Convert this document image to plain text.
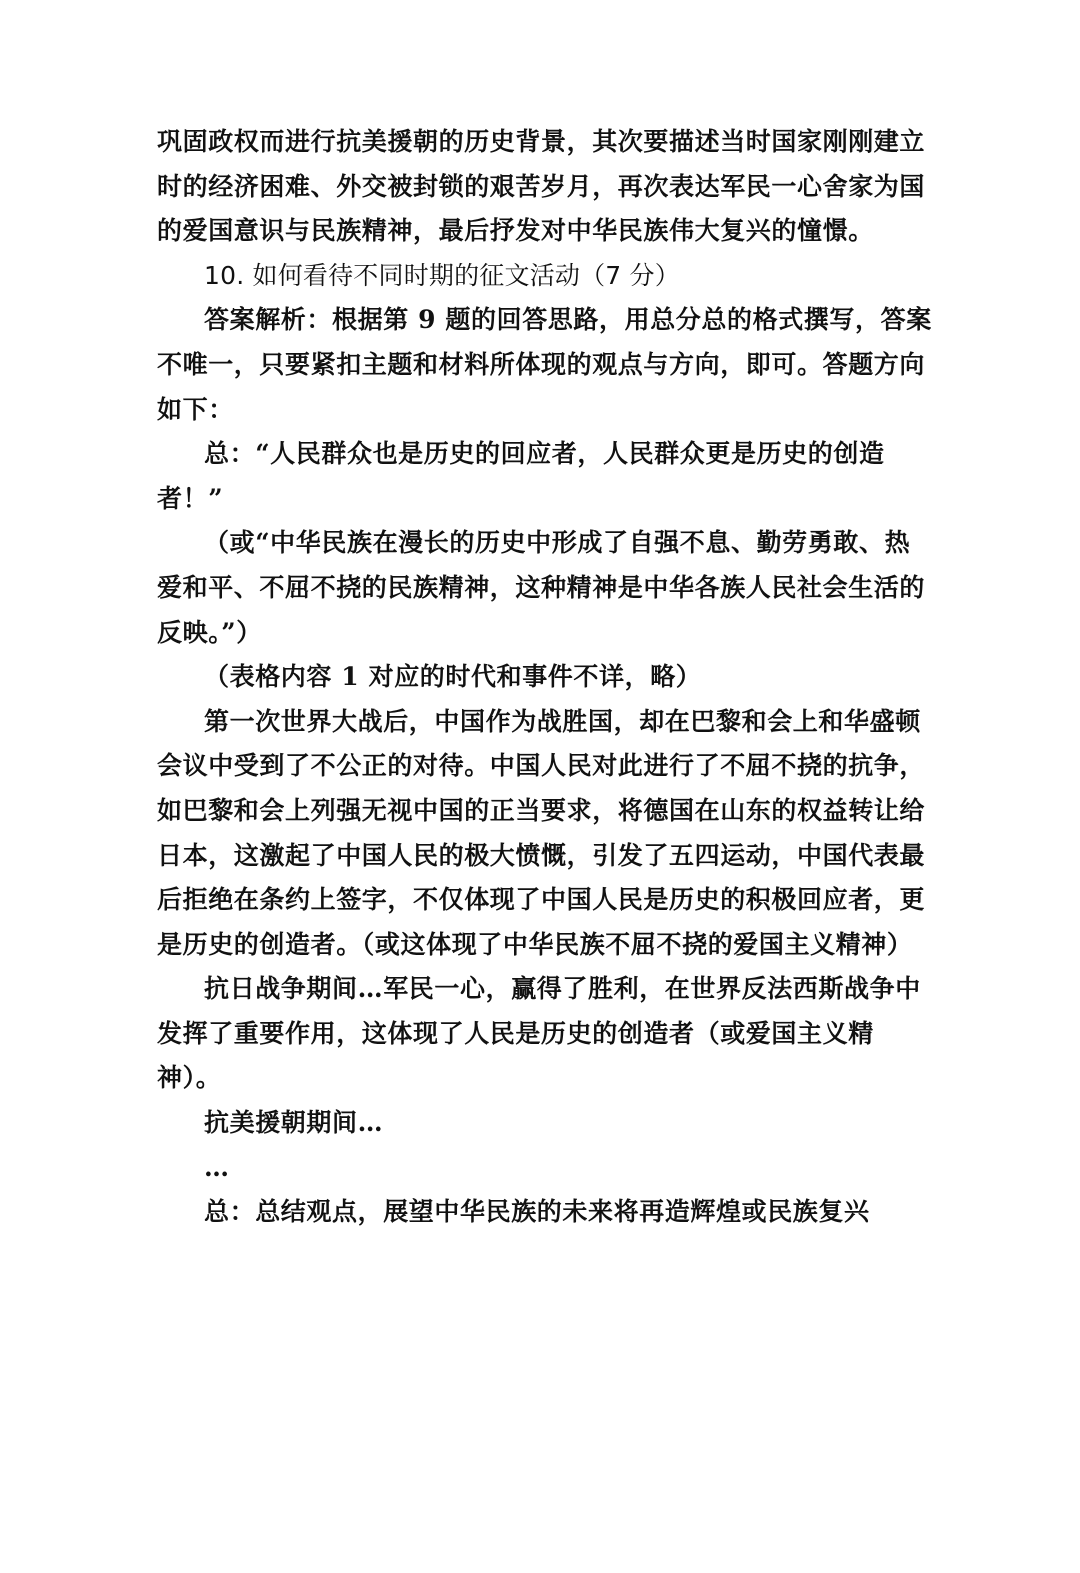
巩固政权而进行抗美援朝的历史背景，其次要描述当时国家刚刚建立时的经济困难、外交被封锁的艰苦岁月，再次表达军民一心舍家为国的爱国意识与民族精神，最后抒发对中华民族伟大复兴的憧憬。

10. 如何看待不同时期的征文活动（7 分）

答案解析：根据第 9 题的回答思路，用总分总的格式撰写，答案不唯一，只要紧扣主题和材料所体现的观点与方向，即可。答题方向如下：

总：“人民群众也是历史的回应者，人民群众更是历史的创造者！”

（或“中华民族在漫长的历史中形成了自强不息、勤劳勇敢、热爱和平、不屈不挠的民族精神，这种精神是中华各族人民社会生活的反映。”）

（表格内容 1 对应的时代和事件不详，略）

第一次世界大战后，中国作为战胜国，却在巴黎和会上和华盛顿会议中受到了不公正的对待。中国人民对此进行了不屈不挠的抗争，如巴黎和会上列强无视中国的正当要求，将德国在山东的权益转让给日本，这激起了中国人民的极大愤慨，引发了五四运动，中国代表最后拒绝在条约上签字，不仅体现了中国人民是历史的积极回应者，更是历史的创造者。（或这体现了中华民族不屈不挠的爱国主义精神）

抗日战争期间…军民一心，赢得了胜利，在世界反法西斯战争中发挥了重要作用，这体现了人民是历史的创造者（或爱国主义精神）。

抗美援朝期间…

…

总：总结观点，展望中华民族的未来将再造辉煌或民族复兴
